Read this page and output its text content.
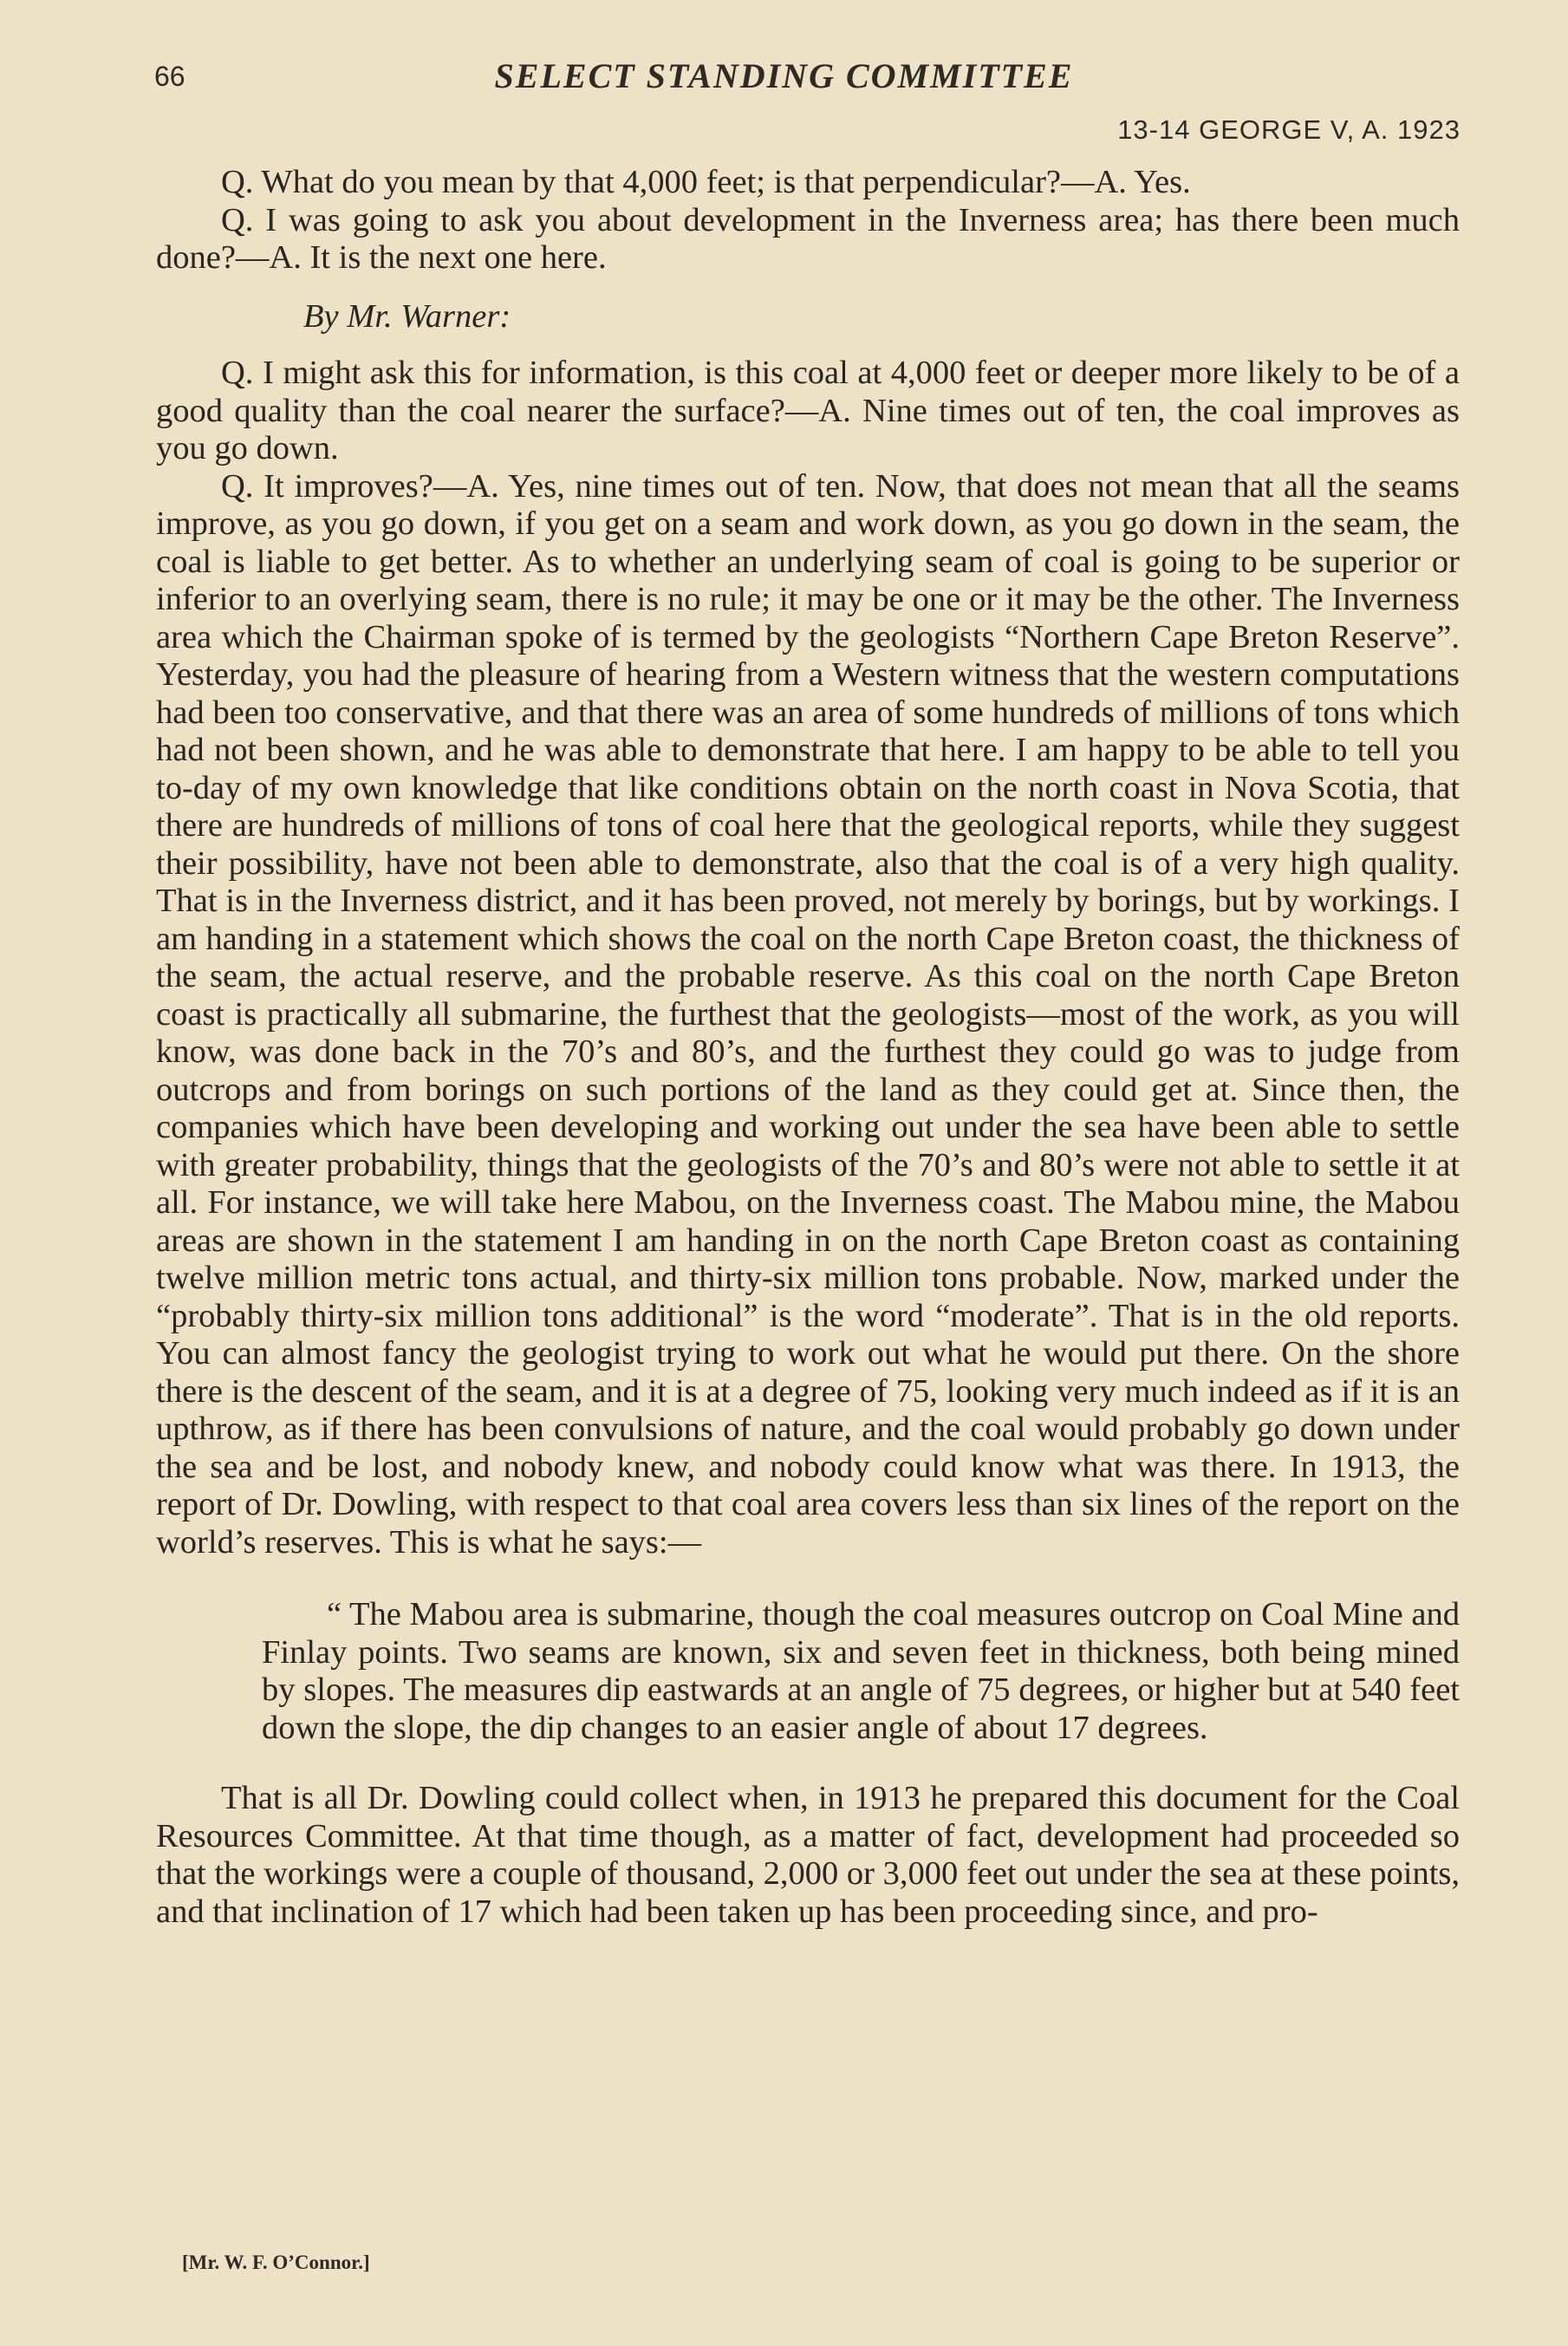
66	SELECT STANDING COMMITTEE
13-14 GEORGE V, A. 1923

Q. What do you mean by that 4,000 feet; is that perpendicular?—A. Yes.

Q. I was going to ask you about development in the Inverness area; has there been much done?—A. It is the next one here.

By Mr. Warner:

Q. I might ask this for information, is this coal at 4,000 feet or deeper more likely to be of a good quality than the coal nearer the surface?—A. Nine times out of ten, the coal improves as you go down.

Q. It improves?—A. Yes, nine times out of ten. Now, that does not mean that all the seams improve, as you go down, if you get on a seam and work down, as you go down in the seam, the coal is liable to get better. As to whether an underlying seam of coal is going to be superior or inferior to an overlying seam, there is no rule; it may be one or it may be the other. The Inverness area which the Chairman spoke of is termed by the geologists “Northern Cape Breton Reserve”. Yesterday, you had the pleasure of hearing from a Western witness that the western computations had been too conservative, and that there was an area of some hundreds of millions of tons which had not been shown, and he was able to demonstrate that here. I am happy to be able to tell you to-day of my own knowledge that like conditions obtain on the north coast in Nova Scotia, that there are hundreds of millions of tons of coal here that the geological reports, while they suggest their possibility, have not been able to demonstrate, also that the coal is of a very high quality. That is in the Inverness district, and it has been proved, not merely by borings, but by workings. I am handing in a statement which shows the coal on the north Cape Breton coast, the thickness of the seam, the actual reserve, and the probable reserve. As this coal on the north Cape Breton coast is practically all submarine, the furthest that the geologists—most of the work, as you will know, was done back in the 70’s and 80’s, and the furthest they could go was to judge from outcrops and from borings on such portions of the land as they could get at. Since then, the companies which have been developing and working out under the sea have been able to settle with greater probability, things that the geologists of the 70’s and 80’s were not able to settle it at all. For instance, we will take here Mabou, on the Inverness coast. The Mabou mine, the Mabou areas are shown in the statement I am handing in on the north Cape Breton coast as containing twelve million metric tons actual, and thirty-six million tons probable. Now, marked under the “probably thirty-six million tons additional” is the word “moderate”. That is in the old reports. You can almost fancy the geologist trying to work out what he would put there. On the shore there is the descent of the seam, and it is at a degree of 75, looking very much indeed as if it is an upthrow, as if there has been convulsions of nature, and the coal would probably go down under the sea and be lost, and nobody knew, and nobody could know what was there. In 1913, the report of Dr. Dowling, with respect to that coal area covers less than six lines of the report on the world’s reserves. This is what he says:—

“ The Mabou area is submarine, though the coal measures outcrop on Coal Mine and Finlay points. Two seams are known, six and seven feet in thickness, both being mined by slopes. The measures dip eastwards at an angle of 75 degrees, or higher but at 540 feet down the slope, the dip changes to an easier angle of about 17 degrees.

That is all Dr. Dowling could collect when, in 1913 he prepared this document for the Coal Resources Committee. At that time though, as a matter of fact, development had proceeded so that the workings were a couple of thousand, 2,000 or 3,000 feet out under the sea at these points, and that inclination of 17 which had been taken up has been proceeding since, and pro-

[Mr. W. F. O’Connor.]
